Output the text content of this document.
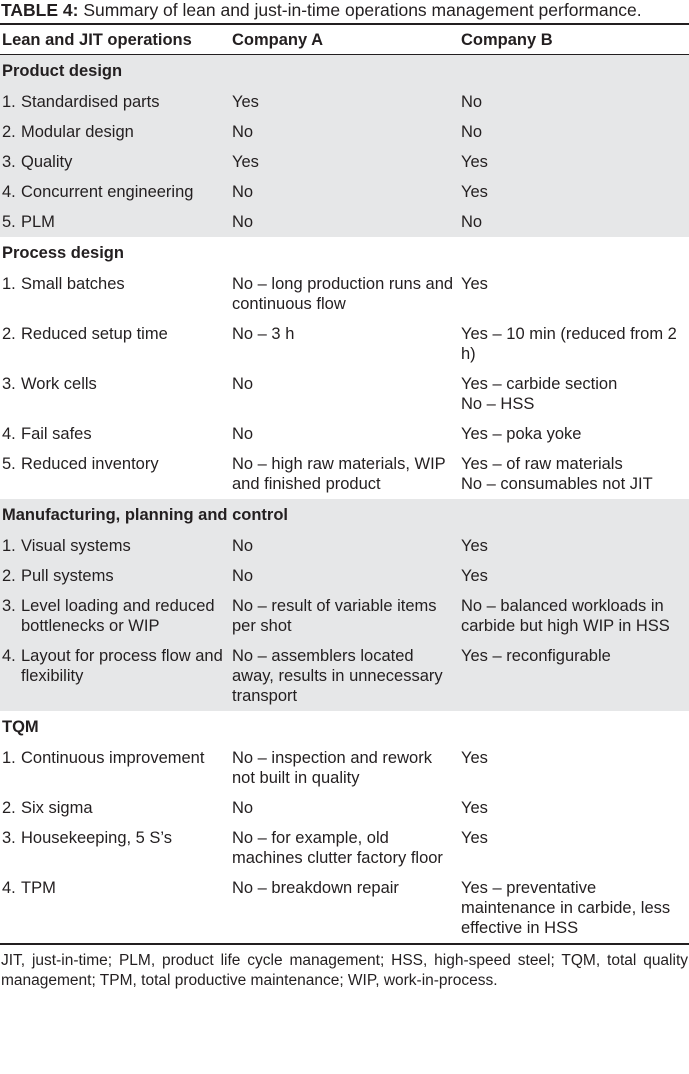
TABLE 4: Summary of lean and just-in-time operations management performance.

Lean and JIT operations	Company A	Company B
Product design		

1. Standardised parts	Yes	No

2. Modular design	No	No

3. Quality	Yes	Yes

4. Concurrent engineering	No	Yes

5. PLM	No	No
Process design		

1. Small batches	No – long production runs and continuous flow	Yes

2. Reduced setup time	No – 3 h	Yes – 10 min (reduced from 2 h)

3. Work cells	No	Yes – carbide section
No – HSS

4. Fail safes	No	Yes – poka yoke

5. Reduced inventory	No – high raw materials, WIP and finished product	Yes – of raw materials
No – consumables not JIT
Manufacturing, planning and control		

1. Visual systems	No	Yes

2. Pull systems	No	Yes

3. Level loading and reduced bottlenecks or WIP	No – result of variable items per shot	No – balanced workloads in carbide but high WIP in HSS

4. Layout for process flow and flexibility	No – assemblers located away, results in unnecessary transport	Yes – reconfigurable
TQM		

1. Continuous improvement	No – inspection and rework not built in quality	Yes

2. Six sigma	No	Yes

3. Housekeeping, 5 S’s	No – for example, old machines clutter factory floor	Yes

4. TPM	No – breakdown repair	Yes – preventative maintenance in carbide, less effective in HSS

JIT, just-in-time; PLM, product life cycle management; HSS, high-speed steel; TQM, total quality management; TPM, total productive maintenance; WIP, work-in-process.
